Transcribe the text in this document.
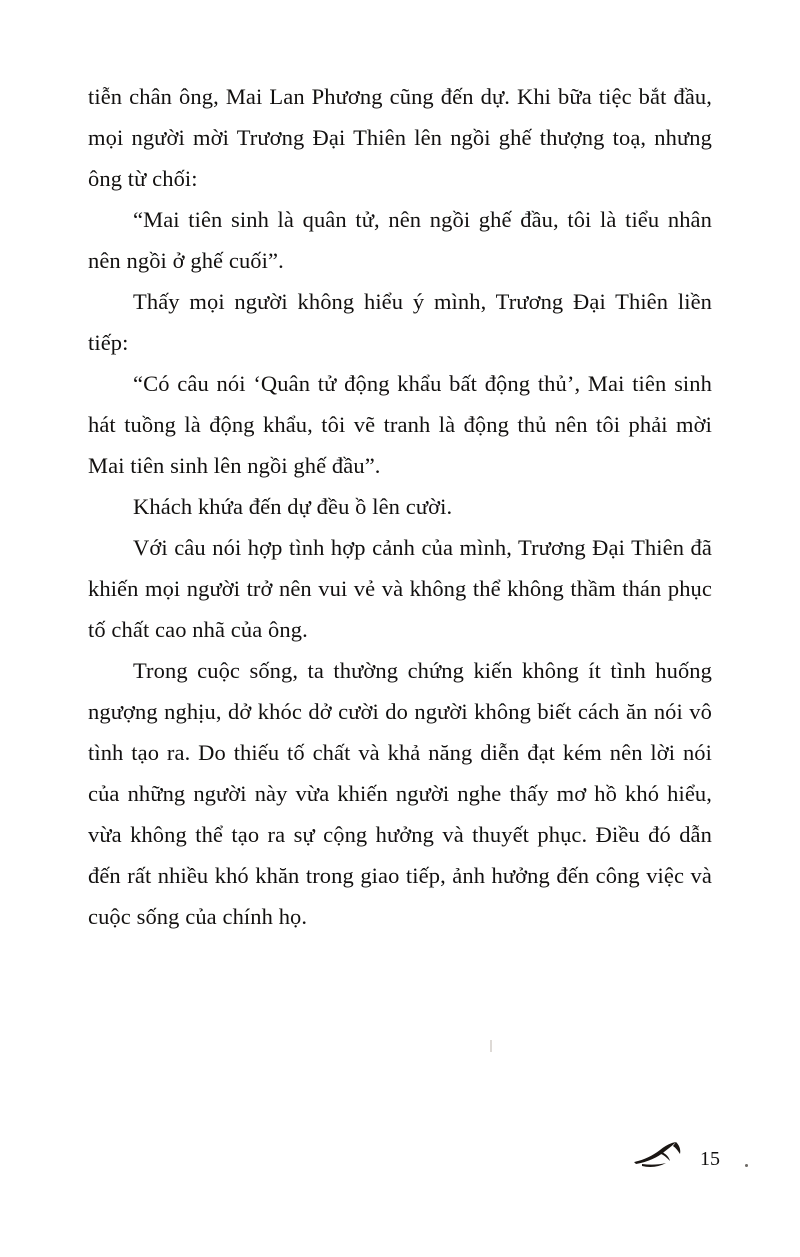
tiễn chân ông, Mai Lan Phương cũng đến dự. Khi bữa tiệc bắt đầu, mọi người mời Trương Đại Thiên lên ngồi ghế thượng toạ, nhưng ông từ chối:

“Mai tiên sinh là quân tử, nên ngồi ghế đầu, tôi là tiểu nhân nên ngồi ở ghế cuối”.

Thấy mọi người không hiểu ý mình, Trương Đại Thiên liền tiếp:

“Có câu nói ‘Quân tử động khẩu bất động thủ’, Mai tiên sinh hát tuồng là động khẩu, tôi vẽ tranh là động thủ nên tôi phải mời Mai tiên sinh lên ngồi ghế đầu”.

Khách khứa đến dự đều ồ lên cười.

Với câu nói hợp tình hợp cảnh của mình, Trương Đại Thiên đã khiến mọi người trở nên vui vẻ và không thể không thầm thán phục tố chất cao nhã của ông.

Trong cuộc sống, ta thường chứng kiến không ít tình huống ngượng nghịu, dở khóc dở cười do người không biết cách ăn nói vô tình tạo ra. Do thiếu tố chất và khả năng diễn đạt kém nên lời nói của những người này vừa khiến người nghe thấy mơ hồ khó hiểu, vừa không thể tạo ra sự cộng hưởng và thuyết phục. Điều đó dẫn đến rất nhiều khó khăn trong giao tiếp, ảnh hưởng đến công việc và cuộc sống của chính họ.

15
